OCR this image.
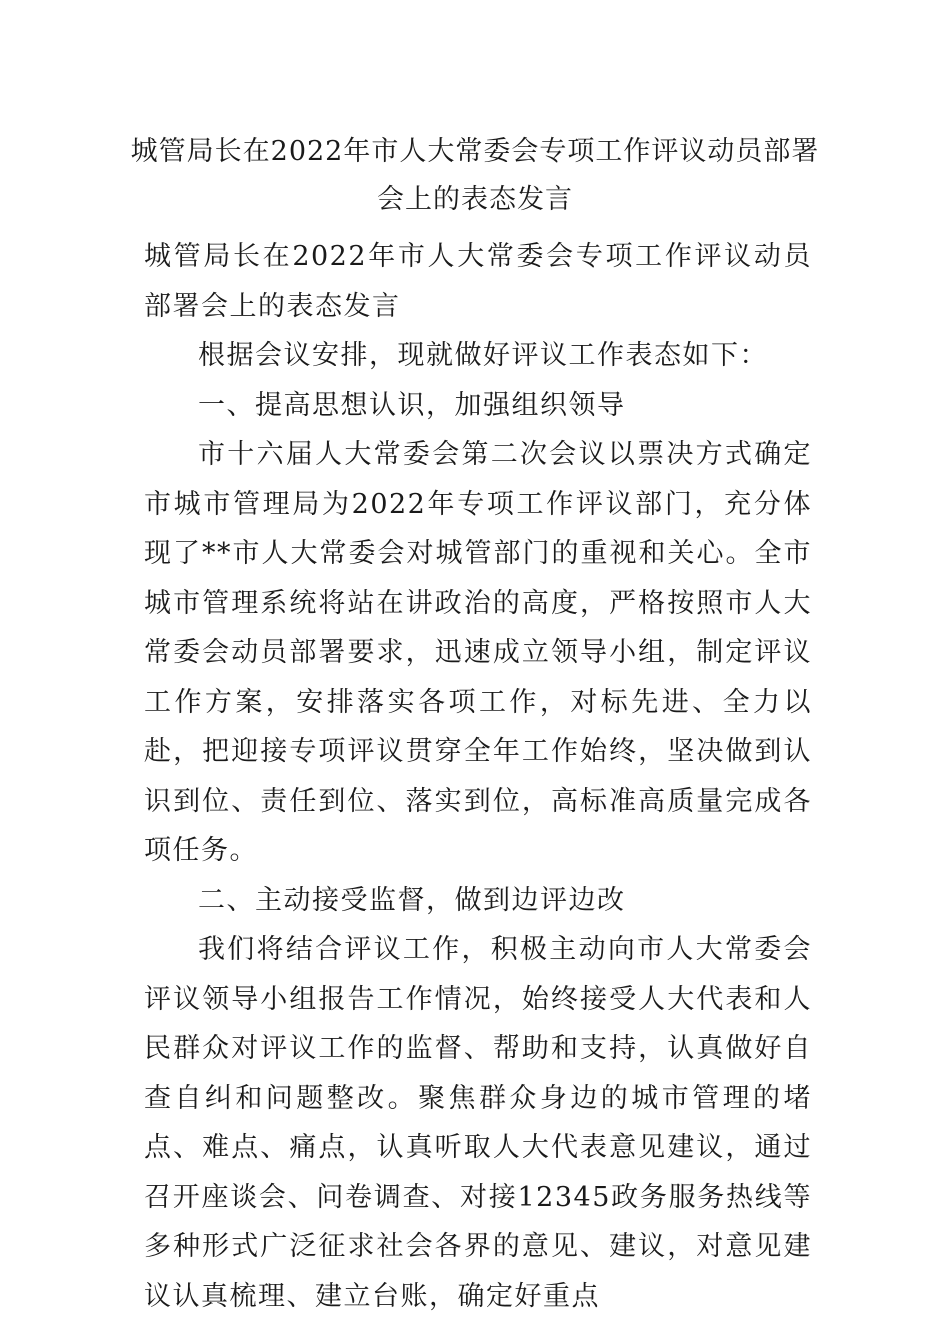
城管局长在2022年市人大常委会专项工作评议动员部署会上的表态发言

城管局长在2022年市人大常委会专项工作评议动员部署会上的表态发言

根据会议安排，现就做好评议工作表态如下：

一、提高思想认识，加强组织领导

市十六届人大常委会第二次会议以票决方式确定市城市管理局为2022年专项工作评议部门，充分体现了**市人大常委会对城管部门的重视和关心。全市城市管理系统将站在讲政治的高度，严格按照市人大常委会动员部署要求，迅速成立领导小组，制定评议工作方案，安排落实各项工作，对标先进、全力以赴，把迎接专项评议贯穿全年工作始终，坚决做到认识到位、责任到位、落实到位，高标准高质量完成各项任务。

二、主动接受监督，做到边评边改

我们将结合评议工作，积极主动向市人大常委会评议领导小组报告工作情况，始终接受人大代表和人民群众对评议工作的监督、帮助和支持，认真做好自查自纠和问题整改。聚焦群众身边的城市管理的堵点、难点、痛点，认真听取人大代表意见建议，通过召开座谈会、问卷调查、对接12345政务服务热线等多种形式广泛征求社会各界的意见、建议，对意见建议认真梳理、建立台账，确定好重点
